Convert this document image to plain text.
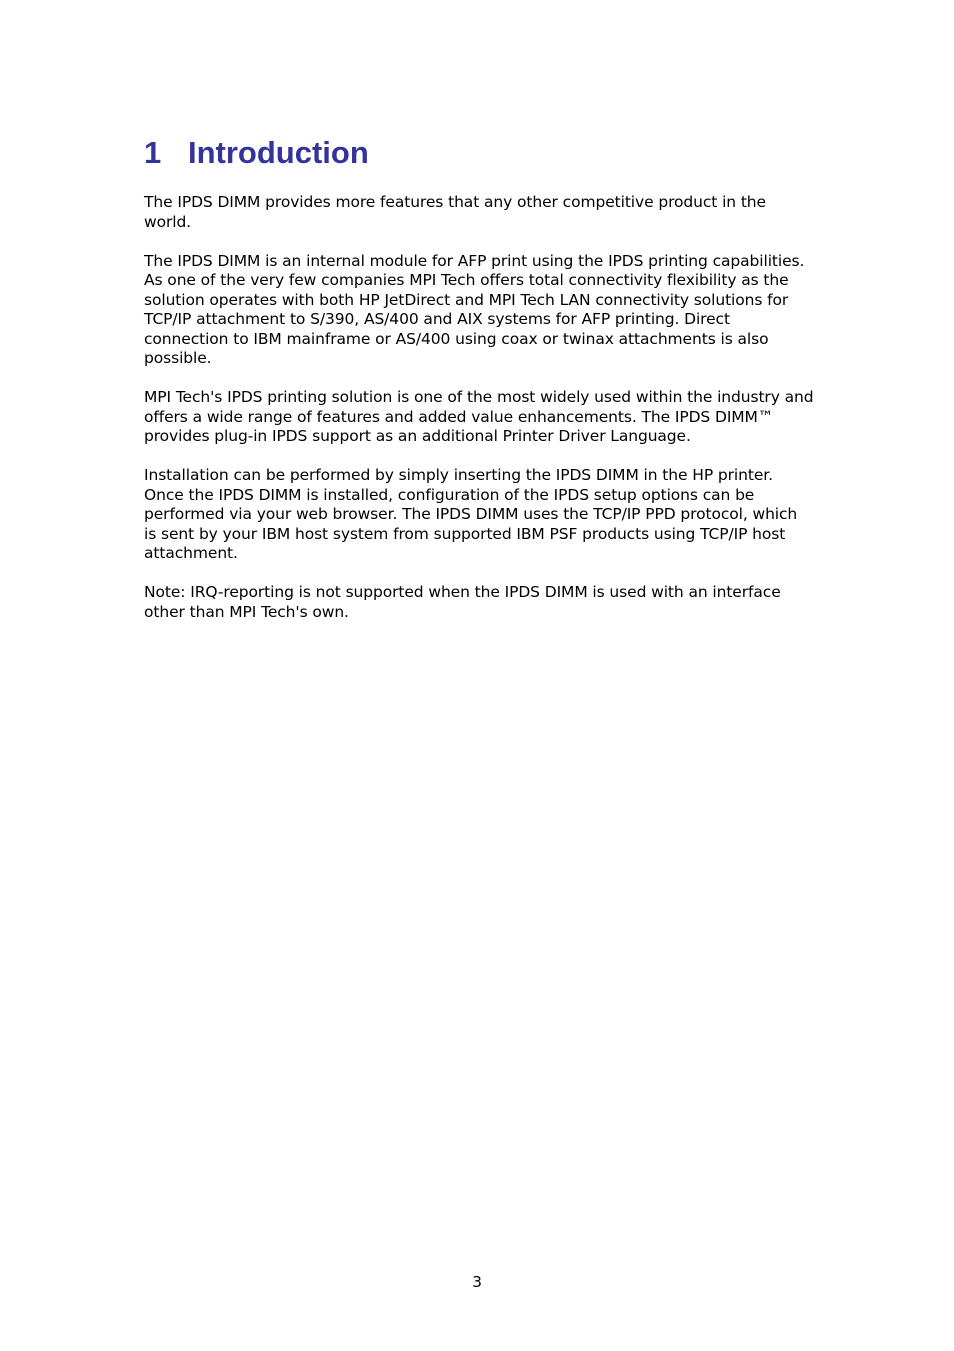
1 Introduction

The IPDS DIMM provides more features that any other competitive product in the world.

The IPDS DIMM is an internal module for AFP print using the IPDS printing capabilities. As one of the very few companies MPI Tech offers total connectivity flexibility as the solution operates with both HP JetDirect and MPI Tech LAN connectivity solutions for TCP/IP attachment to S/390, AS/400 and AIX systems for AFP printing. Direct connection to IBM mainframe or AS/400 using coax or twinax attachments is also possible.

MPI Tech's IPDS printing solution is one of the most widely used within the industry and offers a wide range of features and added value enhancements. The IPDS DIMM™ provides plug-in IPDS support as an additional Printer Driver Language.

Installation can be performed by simply inserting the IPDS DIMM in the HP printer. Once the IPDS DIMM is installed, configuration of the IPDS setup options can be performed via your web browser. The IPDS DIMM uses the TCP/IP PPD protocol, which is sent by your IBM host system from supported IBM PSF products using TCP/IP host attachment.

Note: IRQ-reporting is not supported when the IPDS DIMM is used with an interface other than MPI Tech's own.

3
